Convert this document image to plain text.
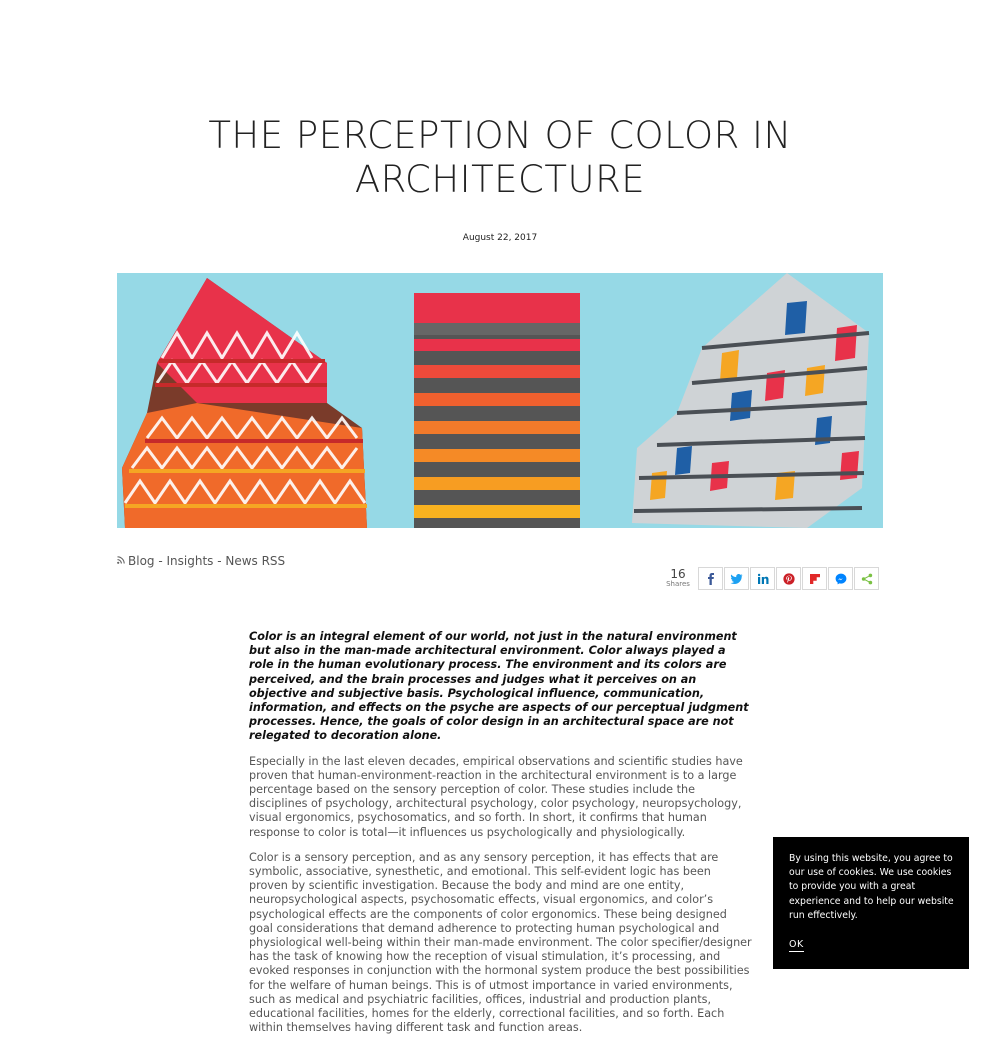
THE PERCEPTION OF COLOR IN
ARCHITECTURE
August 22, 2017
Blog - Insights - News RSS
16
Shares

Color is an integral element of our world, not just in the natural environment but also in the man-made architectural environment. Color always played a role in the human evolutionary process. The environment and its colors are perceived, and the brain processes and judges what it perceives on an objective and subjective basis. Psychological influence, communication, information, and effects on the psyche are aspects of our perceptual judgment processes. Hence, the goals of color design in an architectural space are not relegated to decoration alone.

Especially in the last eleven decades, empirical observations and scientific studies have proven that human-environment-reaction in the architectural environment is to a large percentage based on the sensory perception of color. These studies include the disciplines of psychology, architectural psychology, color psychology, neuropsychology, visual ergonomics, psychosomatics, and so forth. In short, it confirms that human response to color is total—it influences us psychologically and physiologically.

Color is a sensory perception, and as any sensory perception, it has effects that are symbolic, associative, synesthetic, and emotional. This self-evident logic has been proven by scientific investigation. Because the body and mind are one entity, neuropsychological aspects, psychosomatic effects, visual ergonomics, and color’s psychological effects are the components of color ergonomics. These being designed goal considerations that demand adherence to protecting human psychological and physiological well-being within their man-made environment. The color specifier/designer has the task of knowing how the reception of visual stimulation, it’s processing, and evoked responses in conjunction with the hormonal system produce the best possibilities for the welfare of human beings. This is of utmost importance in varied environments, such as medical and psychiatric facilities, offices, industrial and production plants, educational facilities, homes for the elderly, correctional facilities, and so forth. Each within themselves having different task and function areas.

By using this website, you agree to our use of cookies. We use cookies to provide you with a great experience and to help our website run effectively.

OK
